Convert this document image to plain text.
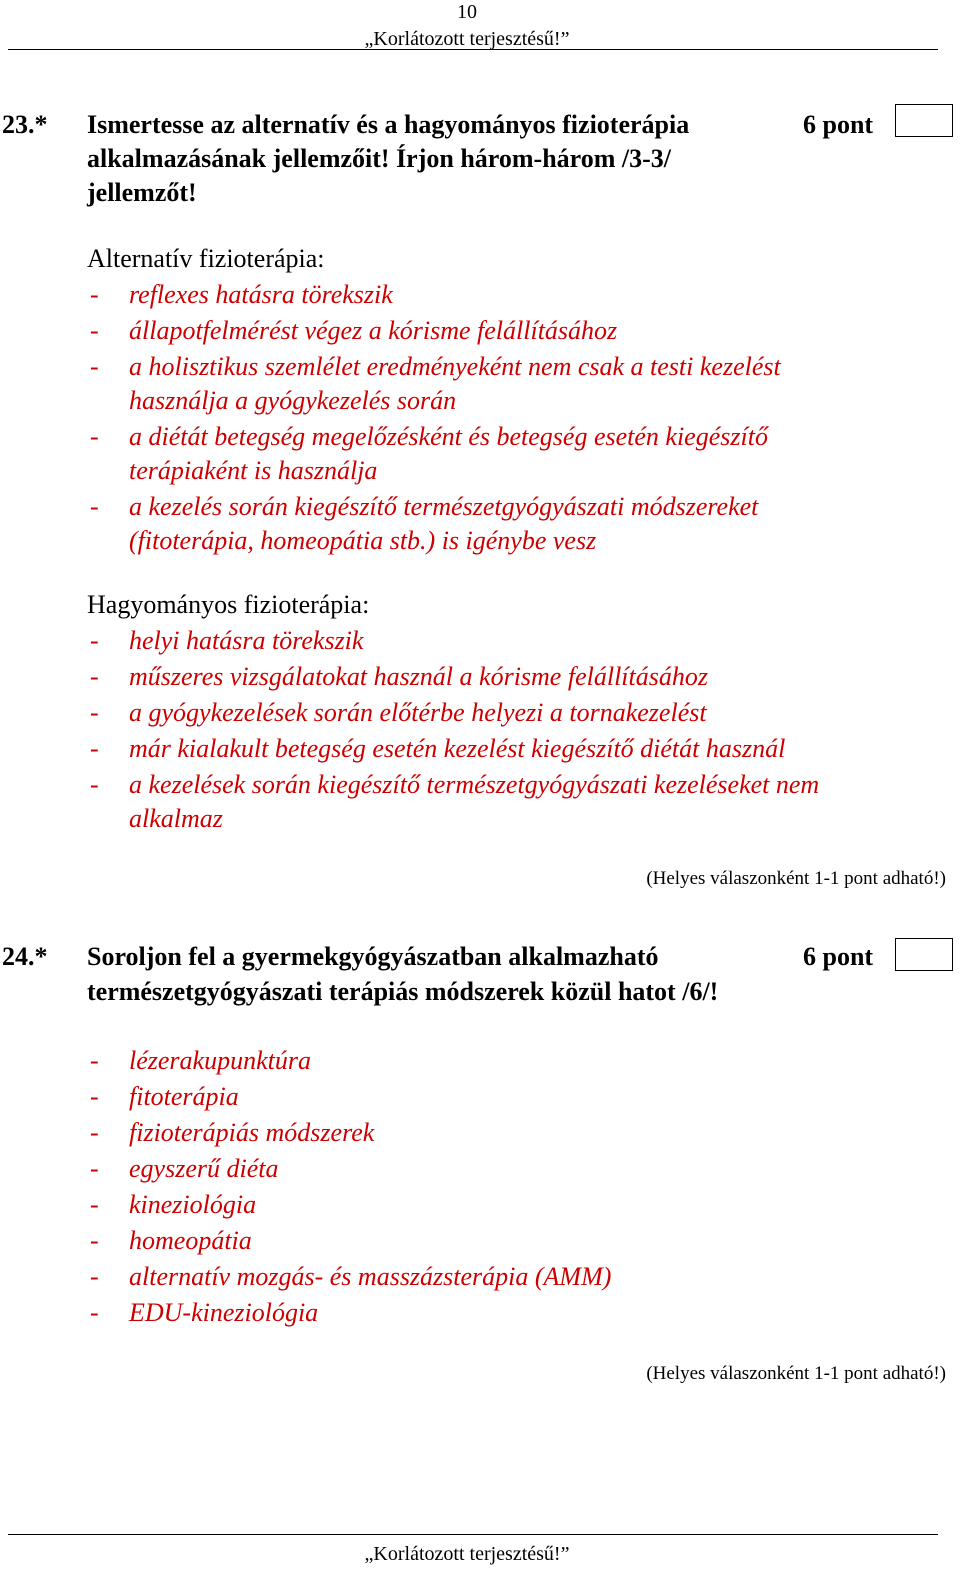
10
„Korlátozott terjesztésű!”
23.* Ismertesse az alternatív és a hagyományos fizioterápia
alkalmazásának jellemzőit! Írjon három-három /3-3/
jellemzőt!
6 pont
Alternatív fizioterápia:
- reflexes hatásra törekszik
- állapotfelmérést végez a kórisme felállításához
- a holisztikus szemlélet eredményeként nem csak a testi kezelést
használja a gyógykezelés során
- a diétát betegség megelőzésként és betegség esetén kiegészítő
terápiaként is használja
- a kezelés során kiegészítő természetgyógyászati módszereket
(fitoterápia, homeopátia stb.) is igénybe vesz
Hagyományos fizioterápia:
- helyi hatásra törekszik
- műszeres vizsgálatokat használ a kórisme felállításához
- a gyógykezelések során előtérbe helyezi a tornakezelést
- már kialakult betegség esetén kezelést kiegészítő diétát használ
- a kezelések során kiegészítő természetgyógyászati kezeléseket nem
alkalmaz
(Helyes válaszonként 1-1 pont adható!)
24.* Soroljon fel a gyermekgyógyászatban alkalmazható
természetgyógyászati terápiás módszerek közül hatot /6/!
6 pont
- lézerakupunktúra
- fitoterápia
- fizioterápiás módszerek
- egyszerű diéta
- kineziológia
- homeopátia
- alternatív mozgás- és masszázsterápia (AMM)
- EDU-kineziológia
(Helyes válaszonként 1-1 pont adható!)
„Korlátozott terjesztésű!”
